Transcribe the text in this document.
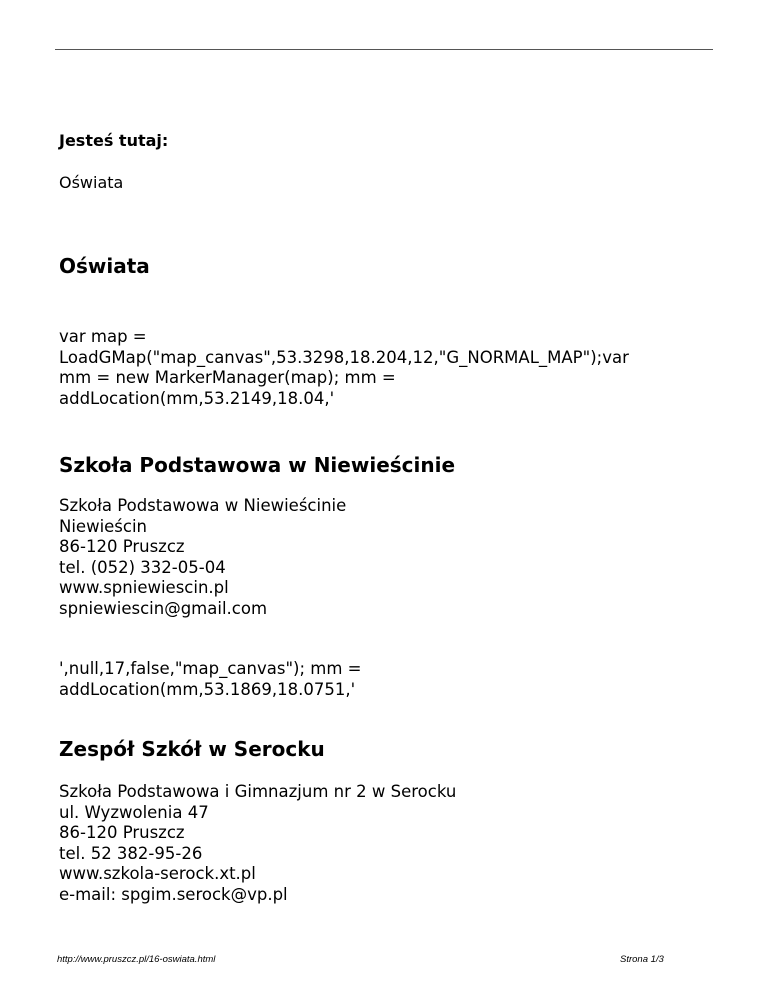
Jesteś tutaj:
Oświata
Oświata
var map =
LoadGMap("map_canvas",53.3298,18.204,12,"G_NORMAL_MAP");var
mm = new MarkerManager(map); mm =
addLocation(mm,53.2149,18.04,'
Szkoła Podstawowa w Niewieścinie
Szkoła Podstawowa w Niewieścinie
Niewieścin
86-120 Pruszcz
tel. (052) 332-05-04
www.spniewiescin.pl
spniewiescin@gmail.com
',null,17,false,"map_canvas"); mm =
addLocation(mm,53.1869,18.0751,'
Zespół Szkół w Serocku
Szkoła Podstawowa i Gimnazjum nr 2 w Serocku
ul. Wyzwolenia 47
86-120 Pruszcz
tel. 52 382-95-26
www.szkola-serock.xt.pl
e-mail: spgim.serock@vp.pl
http://www.pruszcz.pl/16-oswiata.html	Strona 1/3
